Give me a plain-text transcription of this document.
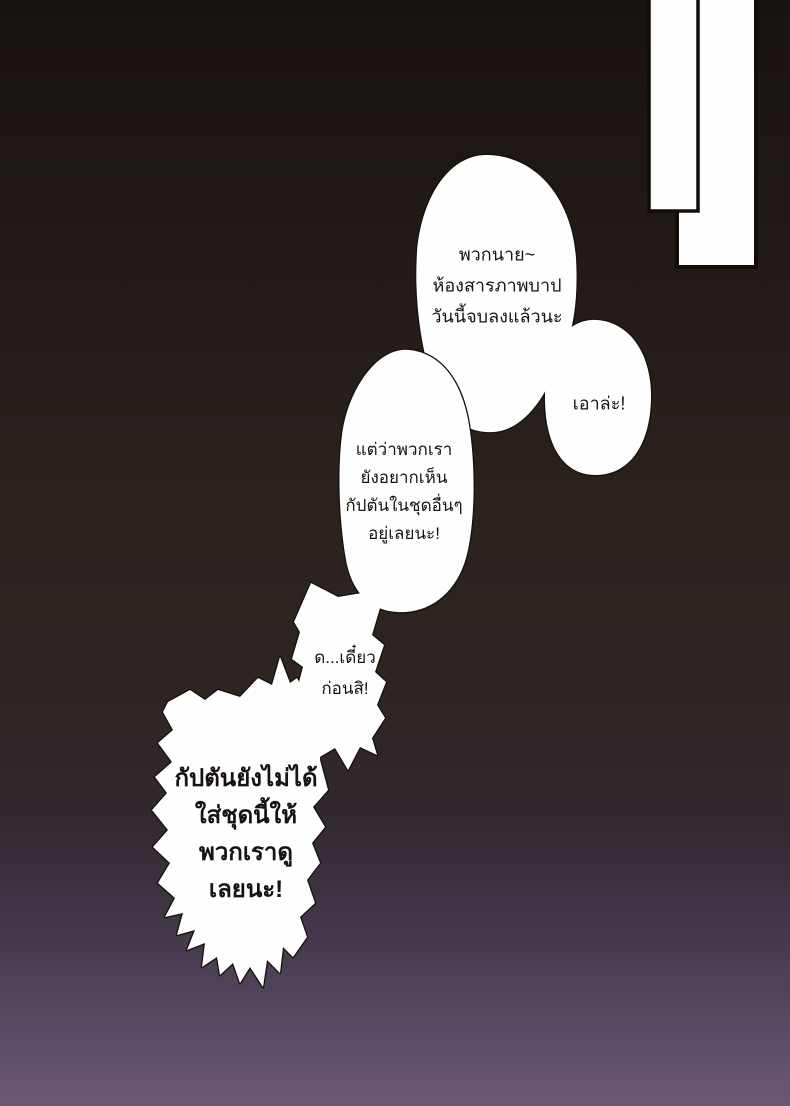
พวกนาย~
ห้องสารภาพบาป
วันนี้จบลงแล้วนะ
เอาล่ะ!
แต่ว่าพวกเรา
ยังอยากเห็น
กัปตันในชุดอื่นๆ
อยู่เลยนะ!
ด...เดี๋ยว
ก่อนสิ!
กัปตันยังไม่ได้
ใส่ชุดนี้ให้
พวกเราดู
เลยนะ!
